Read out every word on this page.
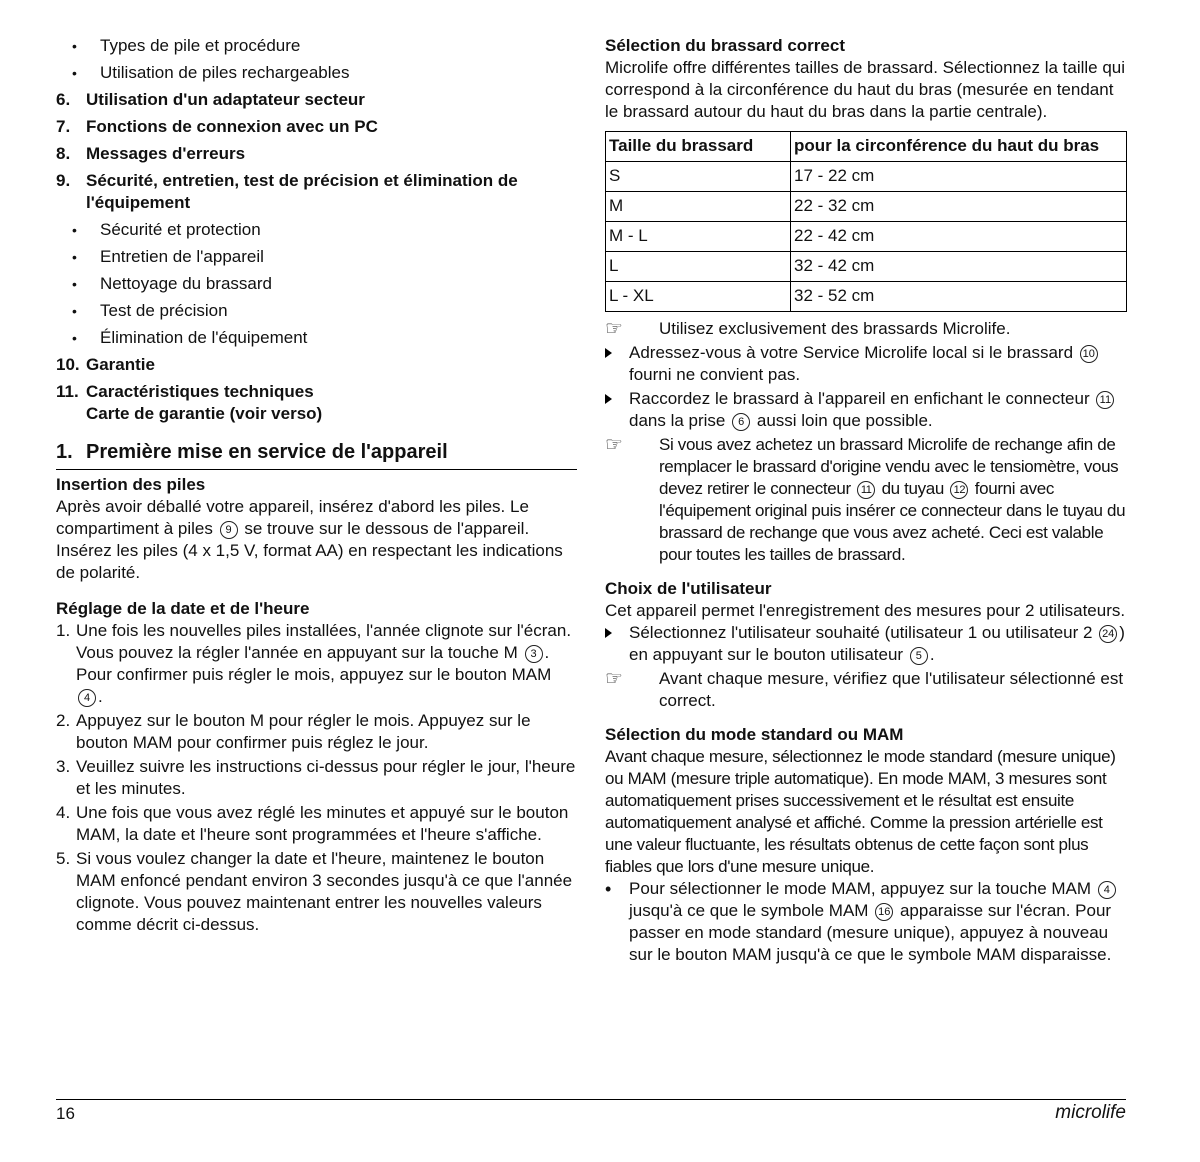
• Types de pile et procédure
• Utilisation de piles rechargeables
6. Utilisation d'un adaptateur secteur
7. Fonctions de connexion avec un PC
8. Messages d'erreurs
9. Sécurité, entretien, test de précision et élimination de l'équipement
• Sécurité et protection
• Entretien de l'appareil
• Nettoyage du brassard
• Test de précision
• Élimination de l'équipement
10. Garantie
11. Caractéristiques techniques
Carte de garantie (voir verso)
1. Première mise en service de l'appareil
Insertion des piles

Après avoir déballé votre appareil, insérez d'abord les piles. Le compartiment à piles 9 se trouve sur le dessous de l'appareil. Insérez les piles (4 x 1,5 V, format AA) en respectant les indications de polarité.

Réglage de la date et de l'heure
1. Une fois les nouvelles piles installées, l'année clignote sur l'écran. Vous pouvez la régler l'année en appuyant sur la touche M 3 . Pour confirmer puis régler le mois, appuyez sur le bouton MAM 4 .
2. Appuyez sur le bouton M pour régler le mois. Appuyez sur le bouton MAM pour confirmer puis réglez le jour.
3. Veuillez suivre les instructions ci-dessus pour régler le jour, l'heure et les minutes.
4. Une fois que vous avez réglé les minutes et appuyé sur le bouton MAM, la date et l'heure sont programmées et l'heure s'affiche.
5. Si vous voulez changer la date et l'heure, maintenez le bouton MAM enfoncé pendant environ 3 secondes jusqu'à ce que l'année clignote. Vous pouvez maintenant entrer les nouvelles valeurs comme décrit ci-dessus.
Sélection du brassard correct

Microlife offre différentes tailles de brassard. Sélectionnez la taille qui correspond à la circonférence du haut du bras (mesurée en tendant le brassard autour du haut du bras dans la partie centrale).

Taille du brassard	pour la circonférence du haut du bras
S	17 - 22 cm
M	22 - 32 cm
M - L	22 - 42 cm
L	32 - 42 cm
L - XL	32 - 52 cm
☞ Utilisez exclusivement des brassards Microlife.
Adressez-vous à votre Service Microlife local si le brassard 10 fourni ne convient pas.
Raccordez le brassard à l'appareil en enfichant le connecteur 11 dans la prise 6 aussi loin que possible.
☞ Si vous avez achetez un brassard Microlife de rechange afin de remplacer le brassard d'origine vendu avec le tensiomètre, vous devez retirer le connecteur 11 du tuyau 12 fourni avec l'équipement original puis insérer ce connecteur dans le tuyau du brassard de rechange que vous avez acheté. Ceci est valable pour toutes les tailles de brassard.
Choix de l'utilisateur

Cet appareil permet l'enregistrement des mesures pour 2 utilisateurs.

Sélectionnez l'utilisateur souhaité (utilisateur 1 ou utilisateur 2 24 ) en appuyant sur le bouton utilisateur 5 .
☞ Avant chaque mesure, vérifiez que l'utilisateur sélectionné est correct.
Sélection du mode standard ou MAM

Avant chaque mesure, sélectionnez le mode standard (mesure unique) ou MAM (mesure triple automatique). En mode MAM, 3 mesures sont automatiquement prises successivement et le résultat est ensuite automatiquement analysé et affiché. Comme la pression artérielle est une valeur fluctuante, les résultats obtenus de cette façon sont plus fiables que lors d'une mesure unique.

• Pour sélectionner le mode MAM, appuyez sur la touche MAM 4 jusqu'à ce que le symbole MAM 16 apparaisse sur l'écran. Pour passer en mode standard (mesure unique), appuyez à nouveau sur le bouton MAM jusqu'à ce que le symbole MAM disparaisse.
16	microlife
